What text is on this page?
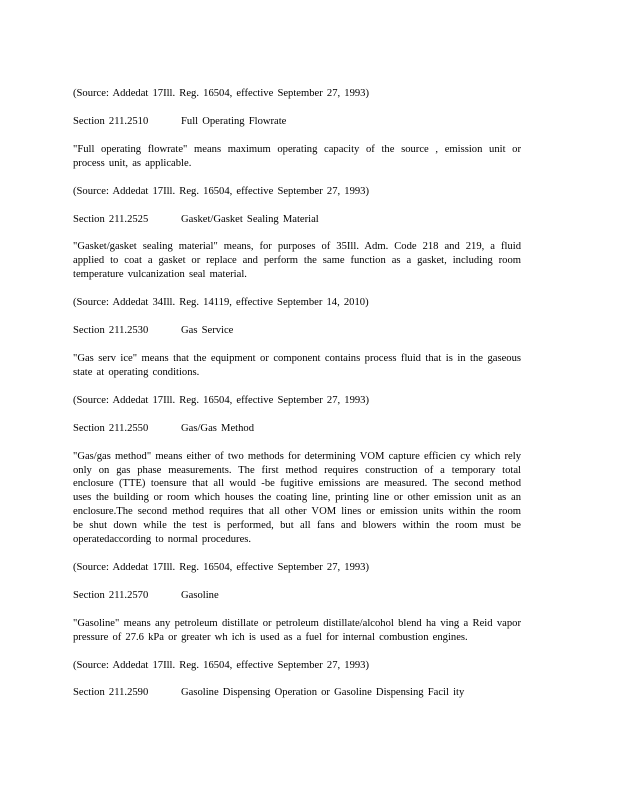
(Source: Addedat 17Ill. Reg. 16504, effective September 27, 1993)

Section 211.2510	Full Operating Flowrate

"Full operating flowrate" means maximum operating capacity of the source , emission unit or process unit, as applicable.

(Source: Addedat 17Ill. Reg. 16504, effective September 27, 1993)

Section 211.2525	Gasket/Gasket Sealing Material

"Gasket/gasket sealing material" means, for purposes of 35Ill. Adm. Code 218 and 219, a fluid applied to coat a gasket or replace and perform the same function as a gasket, including room temperature vulcanization seal material.

(Source: Addedat 34Ill. Reg. 14119, effective September 14, 2010)

Section 211.2530	Gas Service

"Gas serv ice" means that the equipment or component contains process fluid that is in the gaseous state at operating conditions.

(Source: Addedat 17Ill. Reg. 16504, effective September 27, 1993)

Section 211.2550	Gas/Gas Method

"Gas/gas method" means either of two methods for determining VOM capture efficien cy which rely only on gas phase measurements. The first method requires construction of a temporary total enclosure (TTE) toensure that all would -be fugitive emissions are measured. The second method uses the building or room which houses the coating line, printing line or other emission unit as an enclosure.The second method requires that all other VOM lines or emission units within the room be shut down while the test is performed, but all fans and blowers within the room must be operatedaccording to normal procedures.

(Source: Addedat 17Ill. Reg. 16504, effective September 27, 1993)

Section 211.2570	Gasoline

"Gasoline" means any petroleum distillate or petroleum distillate/alcohol blend ha ving a Reid vapor pressure of 27.6 kPa or greater wh ich is used as a fuel for internal combustion engines.

(Source: Addedat 17Ill. Reg. 16504, effective September 27, 1993)

Section 211.2590	Gasoline Dispensing Operation or Gasoline Dispensing Facil ity
